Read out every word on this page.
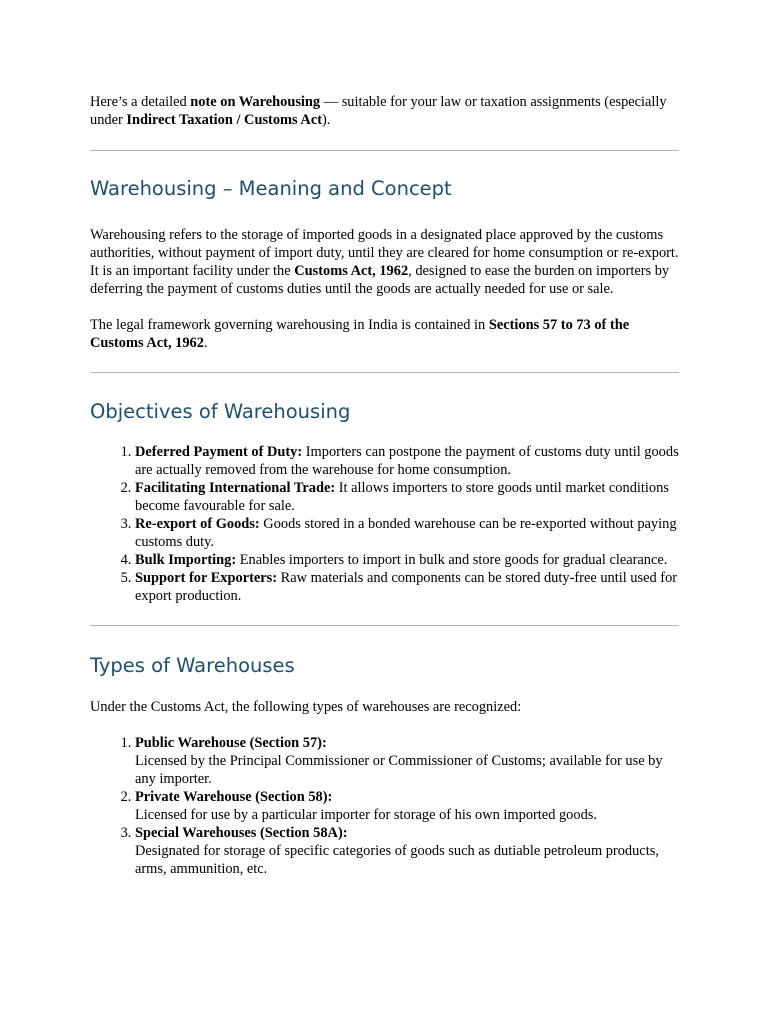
Here’s a detailed note on Warehousing — suitable for your law or taxation assignments (especially under Indirect Taxation / Customs Act).

Warehousing – Meaning and Concept

Warehousing refers to the storage of imported goods in a designated place approved by the customs authorities, without payment of import duty, until they are cleared for home consumption or re-export. It is an important facility under the Customs Act, 1962, designed to ease the burden on importers by deferring the payment of customs duties until the goods are actually needed for use or sale.

The legal framework governing warehousing in India is contained in Sections 57 to 73 of the Customs Act, 1962.

Objectives of Warehousing
1. Deferred Payment of Duty: Importers can postpone the payment of customs duty until goods are actually removed from the warehouse for home consumption.
2. Facilitating International Trade: It allows importers to store goods until market conditions become favourable for sale.
3. Re-export of Goods: Goods stored in a bonded warehouse can be re-exported without paying customs duty.
4. Bulk Importing: Enables importers to import in bulk and store goods for gradual clearance.
5. Support for Exporters: Raw materials and components can be stored duty-free until used for export production.
Types of Warehouses

Under the Customs Act, the following types of warehouses are recognized:

1. Public Warehouse (Section 57):
Licensed by the Principal Commissioner or Commissioner of Customs; available for use by any importer.
2. Private Warehouse (Section 58):
Licensed for use by a particular importer for storage of his own imported goods.
3. Special Warehouses (Section 58A):
Designated for storage of specific categories of goods such as dutiable petroleum products, arms, ammunition, etc.
